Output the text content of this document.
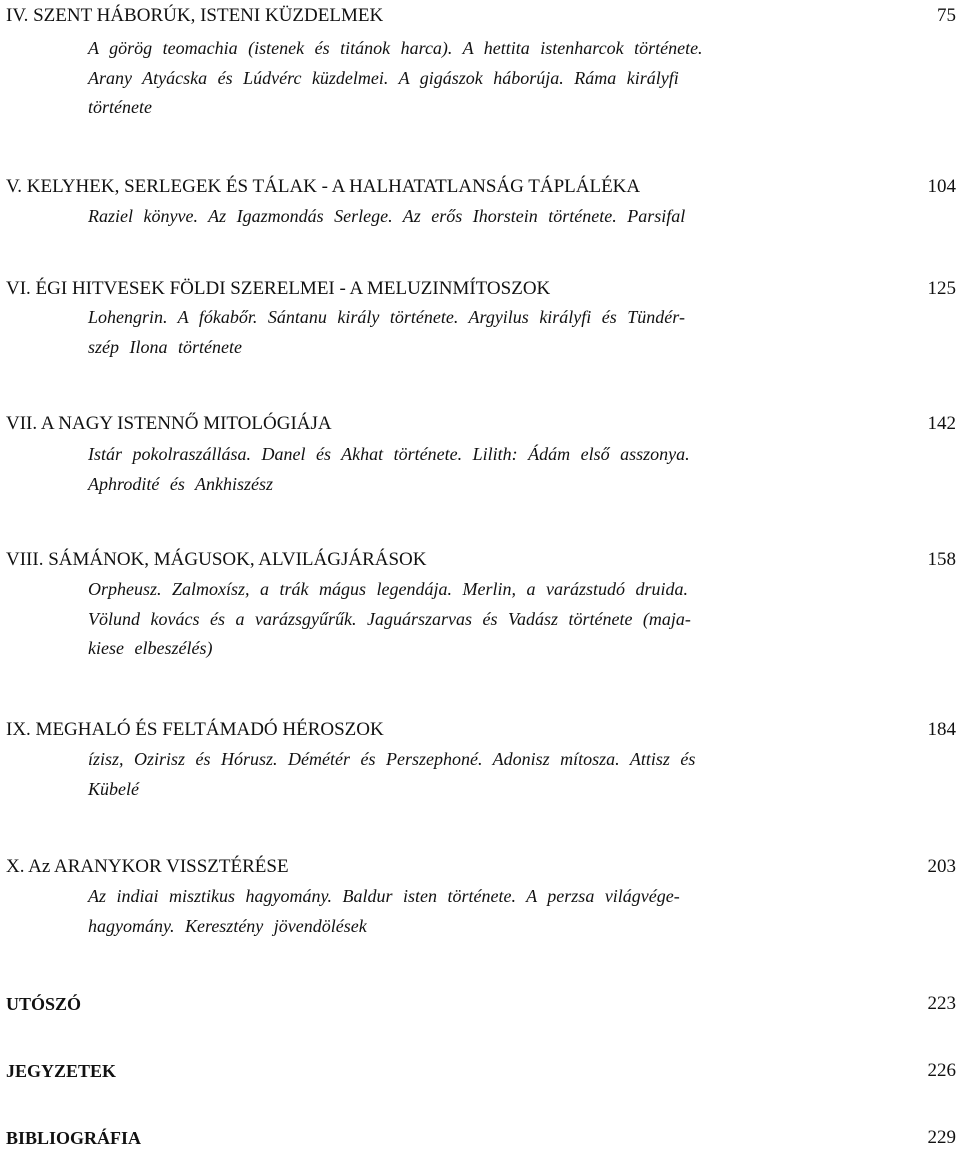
IV. SZENT HÁBORÚK, ISTENI KÜZDELMEK	75
A görög teomachia (istenek és titánok harca). A hettita istenharcok története.
Arany Atyácska és Lúdvérc küzdelmei. A gigászok háborúja. Ráma királyfi
története
V. KELYHEK, SERLEGEK ÉS TÁLAK - A HALHATATLANSÁG TÁPLÁLÉKA	104
Raziel könyve. Az Igazmondás Serlege. Az erős Ihorstein története. Parsifal
VI. ÉGI HITVESEK FÖLDI SZERELMEI - A MELUZINMÍTOSZOK	125
Lohengrin. A fókabőr. Sántanu király története. Argyilus királyfi és Tündér-
szép Ilona története
VII. A NAGY ISTENNŐ MITOLÓGIÁJA	142
Istár pokolraszállása. Danel és Akhat története. Lilith: Ádám első asszonya.
Aphrodité és Ankhiszész
VIII. SÁMÁNOK, MÁGUSOK, ALVILÁGJÁRÁSOK	158
Orpheusz. Zalmoxísz, a trák mágus legendája. Merlin, a varázstudó druida.
Völund kovács és a varázsgyűrűk. Jaguárszarvas és Vadász története (maja-
kiese elbeszélés)
IX. MEGHALÓ ÉS FELTÁMADÓ HÉROSZOK	184
ízisz, Ozirisz és Hórusz. Démétér és Perszephoné. Adonisz mítosza. Attisz és
Kübelé
X. Az ARANYKOR VISSZTÉRÉSE	203
Az indiai misztikus hagyomány. Baldur isten története. A perzsa világvége-
hagyomány. Keresztény jövendölések
UTÓSZÓ	223
JEGYZETEK	226
BIBLIOGRÁFIA	229
